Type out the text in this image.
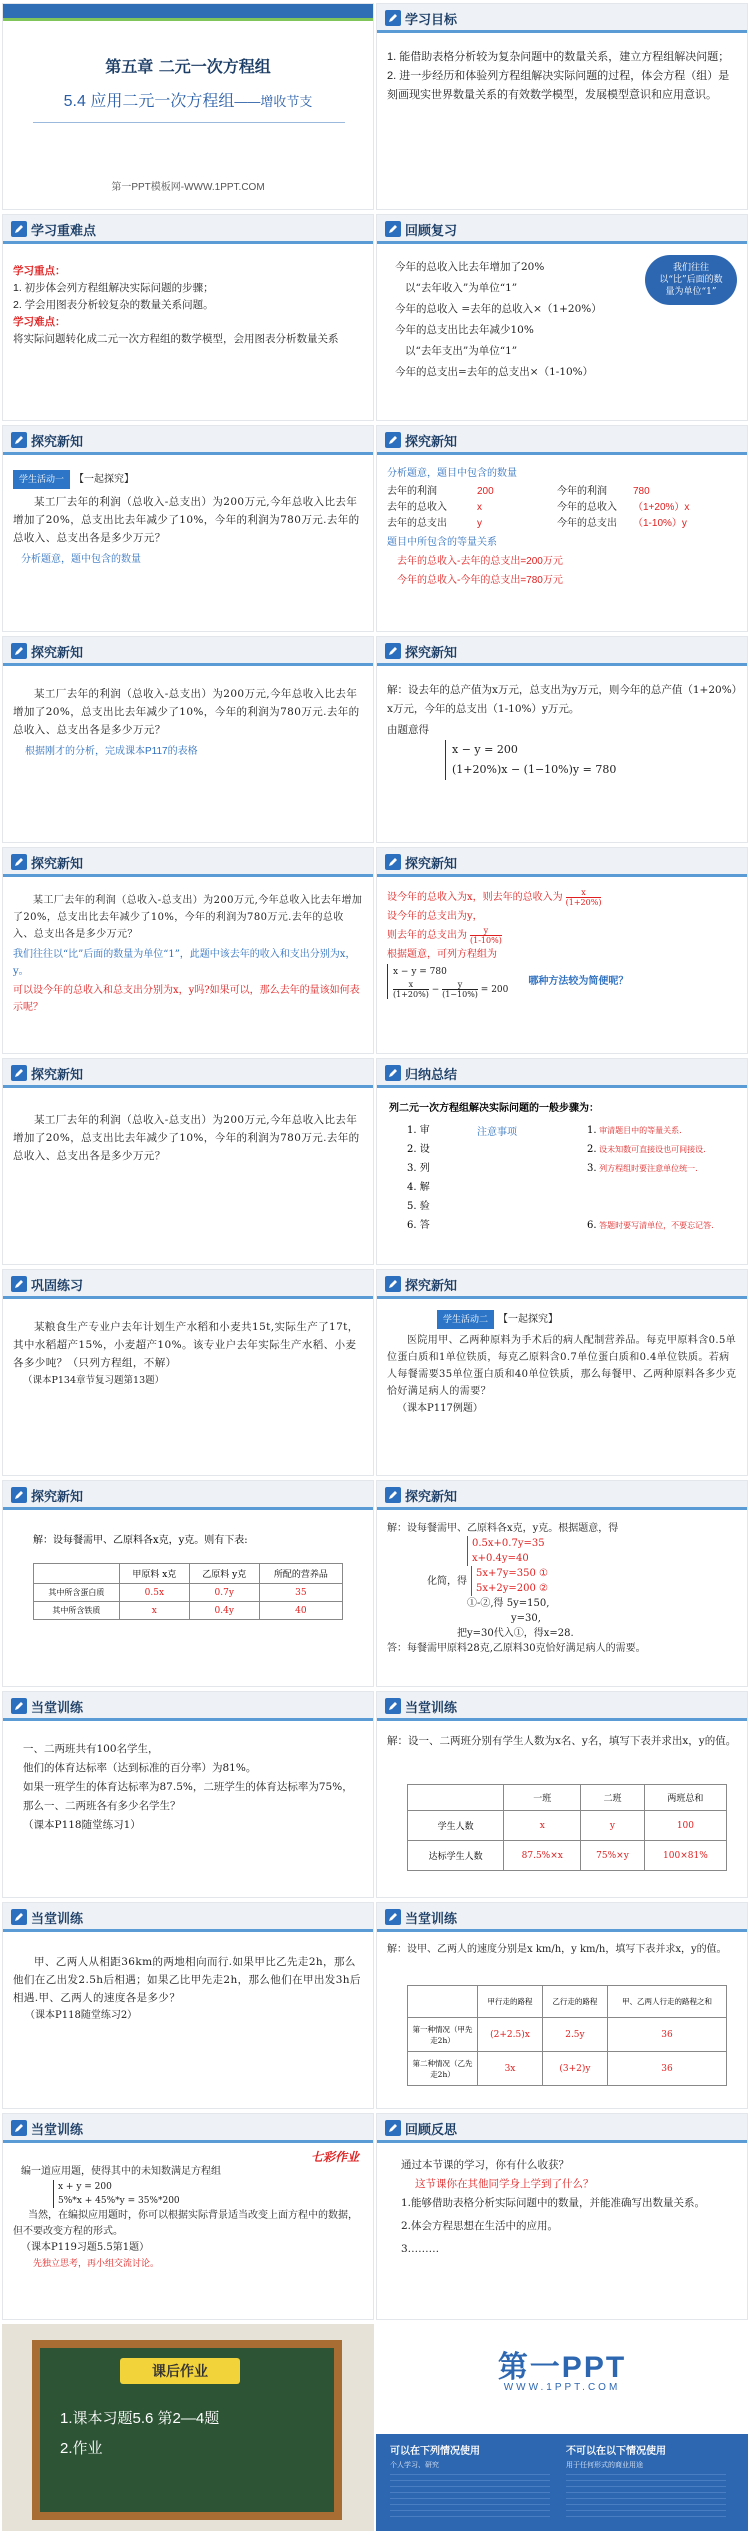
第五章 二元一次方程组
5.4 应用二元一次方程组——增收节支
第一PPT模板网-WWW.1PPT.COM
学习目标
1. 能借助表格分析较为复杂问题中的数量关系，建立方程组解决问题；
2. 进一步经历和体验列方程组解决实际问题的过程，体会方程（组）是刻画现实世界数量关系的有效数学模型，发展模型意识和应用意识。
学习重难点
学习重点：
1. 初步体会列方程组解决实际问题的步骤；
2. 学会用图表分析较复杂的数量关系问题。
学习难点：
将实际问题转化成二元一次方程组的数学模型，会用图表分析数量关系
回顾复习
今年的总收入比去年增加了20%
以“去年收入”为单位“1”
今年的总收入 =去年的总收入×（1+20%）
今年的总支出比去年减少10%
以“去年支出”为单位“1”
今年的总支出=去年的总支出×（1-10%）
我们往往以“比”后面的数量为单位“1”
探究新知
学生活动一 【一起探究】
某工厂去年的利润（总收入-总支出）为200万元,今年总收入比去年增加了20%，总支出比去年减少了10%，今年的利润为780万元.去年的总收入、总支出各是多少万元？
分析题意，题中包含的数量
探究新知
分析题意，题目中包含的数量
去年的利润	200
去年的总收入	x
去年的总支出	y
今年的利润	780
今年的总收入 （1+20%）x
今年的总支出 （1-10%）y
题目中所包含的等量关系
去年的总收入-去年的总支出=200万元
今年的总收入-今年的总支出=780万元
探究新知
某工厂去年的利润（总收入-总支出）为200万元,今年总收入比去年增加了20%，总支出比去年减少了10%，今年的利润为780万元.去年的总收入、总支出各是多少万元？
根据刚才的分析，完成课本P117的表格
探究新知
解：设去年的总产值为x万元，总支出为y万元，则今年的总产值（1+20%）x万元，今年的总支出（1-10%）y万元。
由题意得
x − y = 200
(1+20%)x − (1−10%)y = 780
探究新知
某工厂去年的利润（总收入-总支出）为200万元,今年总收入比去年增加了20%，总支出比去年减少了10%，今年的利润为780万元.去年的总收入、总支出各是多少万元？
我们往往以“比”后面的数量为单位“1”，此题中该去年的收入和支出分别为x，y。
可以设今年的总收入和总支出分别为x，y吗?如果可以，那么去年的量该如何表示呢？
探究新知
设今年的总收入为x，则去年的总收入为 $\frac{x}{(1+20\%)}$
设今年的总支出为y，
则去年的总支出为 $\frac{y}{(1-10\%)}$
根据题意，可列方程组为
x − y = 780
$\frac{x}{(1+20\%)} - \frac{y}{(1-10\%)}$
= 200
哪种方法较为简便呢？
探究新知
某工厂去年的利润（总收入-总支出）为200万元,今年总收入比去年增加了20%，总支出比去年减少了10%，今年的利润为780万元.去年的总收入、总支出各是多少万元？
归纳总结
列二元一次方程组解决实际问题的一般步骤为：
1. 审
2. 设
3. 列
4. 解
5. 验
6. 答
注意事项	1. 审清题目中的等量关系.
2. 设未知数可直接设也可间接设.
3. 列方程组时要注意单位统一.
6. 答题时要写清单位，不要忘记答.
巩固练习
某粮食生产专业户去年计划生产水稻和小麦共15t,实际生产了17t，其中水稻超产15%，小麦超产10%。该专业户去年实际生产水稻、小麦各多少吨？（只列方程组，不解）
（课本P134章节复习题第13题）
探究新知
学生活动二 【一起探究】
医院用甲、乙两种原料为手术后的病人配制营养品。每克甲原料含0.5单位蛋白质和1单位铁质，每克乙原料含0.7单位蛋白质和0.4单位铁质。若病人每餐需要35单位蛋白质和40单位铁质，那么每餐甲、乙两种原料各多少克恰好满足病人的需要？
（课本P117例题）
探究新知
解：设每餐需甲、乙原料各x克，y克。则有下表:
	甲原料 x克	乙原料 y克	所配的营养品
其中所含蛋白质	0.5x	0.7y	35
其中所含铁质	x	0.4y	40
探究新知
解：设每餐需甲、乙原料各x克，y克。根据题意，得
0.5x+0.7y=35
x+0.4y=40
化简，得
5x+7y=350 ①
5x+2y=200 ②
①-②,得 5y=150,
y=30,
把y=30代入①，得x=28.
答：每餐需甲原料28克,乙原料30克恰好满足病人的需要。
当堂训练
一、二两班共有100名学生，
他们的体育达标率（达到标准的百分率）为81%。
如果一班学生的体育达标率为87.5%，二班学生的体育达标率为75%，
那么一、二两班各有多少名学生？
（课本P118随堂练习1）
当堂训练
解：设一、二两班分别有学生人数为x名、y名，填写下表并求出x，y的值。
	一班	二班	两班总和
学生人数	x	y	100
达标学生人数	87.5%×x	75%×y	100×81%
当堂训练
甲、乙两人从相距36km的两地相向而行.如果甲比乙先走2h，那么他们在乙出发2.5h后相遇；如果乙比甲先走2h，那么他们在甲出发3h后相遇.甲、乙两人的速度各是多少？
（课本P118随堂练习2）
当堂训练
解：设甲、乙两人的速度分别是x km/h，y km/h，填写下表并求x，y的值。
	甲行走的路程	乙行走的路程	甲、乙两人行走的路程之和
第一种情况（甲先走2h）	(2+2.5)x	2.5y	36
第二种情况（乙先走2h）	3x	(3+2)y	36
当堂训练
七彩作业
编一道应用题，使得其中的未知数满足方程组
x + y = 200
5%*x + 45%*y = 35%*200
当然，在编拟应用题时，你可以根据实际背景适当改变上面方程中的数据，但不要改变方程的形式。
（课本P119习题5.5第1题）
先独立思考，再小组交流讨论。
回顾反思
通过本节课的学习，你有什么收获？
这节课你在其他同学身上学到了什么？
1.能够借助表格分析实际问题中的数量，并能准确写出数量关系。
2.体会方程思想在生活中的应用。
3………
课后作业
1.课本习题5.6 第2—4题
2.作业
第一PPT
WWW.1PPT.COM
可以在下列情况使用	不可以在以下情况使用
个人学习、研究	用于任何形式的商业用途
